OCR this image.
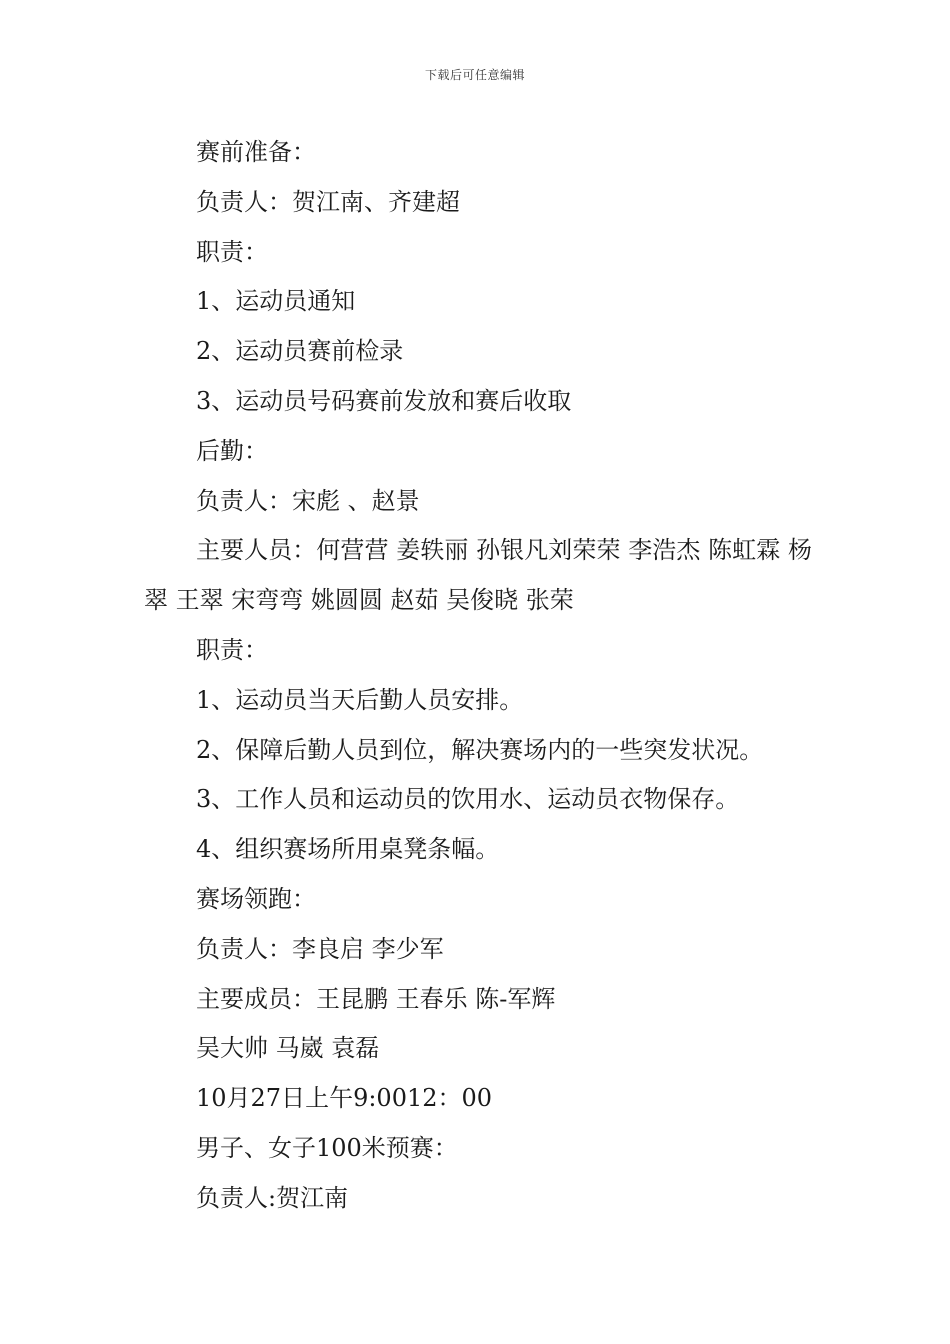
下载后可任意编辑
赛前准备：
负责人：贺江南、齐建超
职责：
1、运动员通知
2、运动员赛前检录
3、运动员号码赛前发放和赛后收取
后勤：
负责人：宋彪 、赵景
主要人员：何营营 姜轶丽 孙银凡刘荣荣 李浩杰 陈虹霖 杨翠 王翠 宋弯弯 姚圆圆 赵茹 吴俊晓 张荣
职责：
1、运动员当天后勤人员安排。
2、保障后勤人员到位，解决赛场内的一些突发状况。
3、工作人员和运动员的饮用水、运动员衣物保存。
4、组织赛场所用桌凳条幅。
赛场领跑：
负责人：李良启 李少军
主要成员：王昆鹏 王春乐 陈-军辉
吴大帅 马崴 袁磊
10月27日上午9:0012：00
男子、女子100米预赛：
负责人:贺江南
